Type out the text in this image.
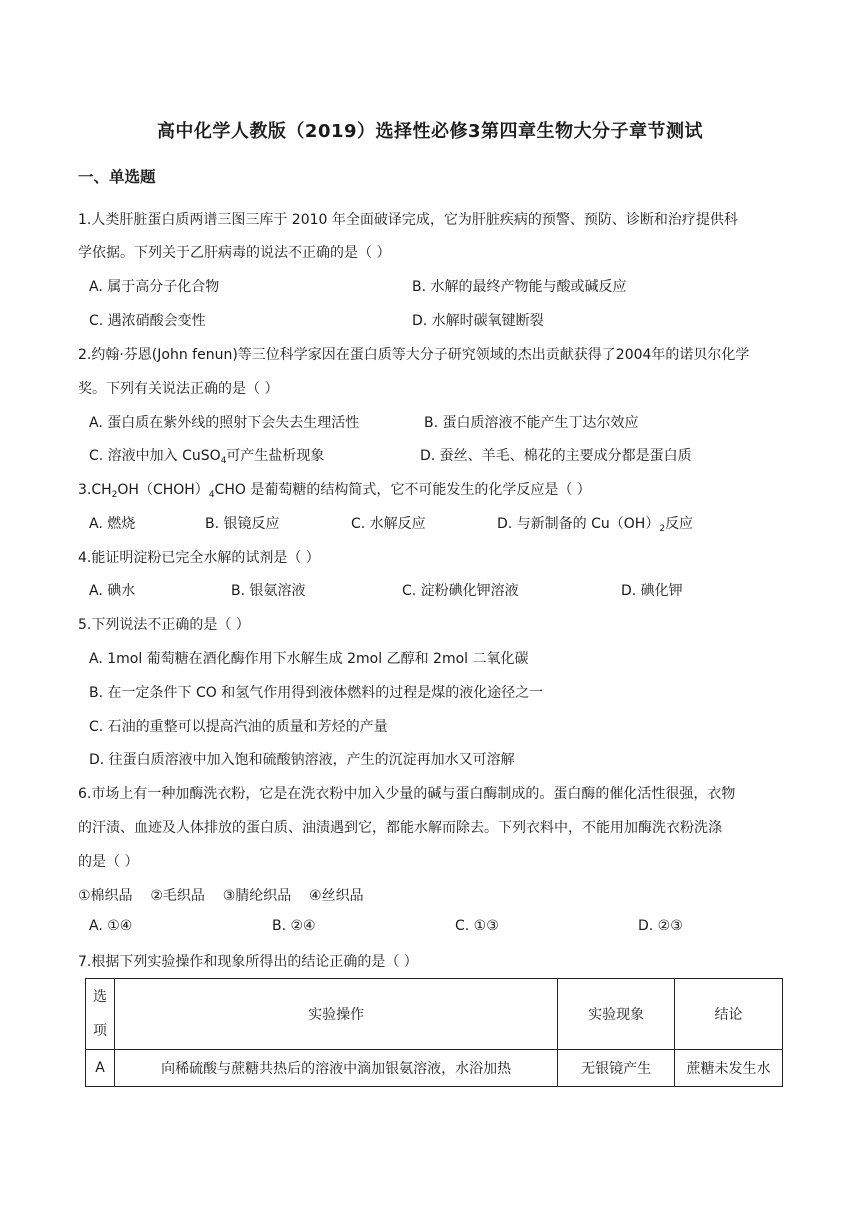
高中化学人教版（2019）选择性必修3第四章生物大分子章节测试
一、单选题
1.人类肝脏蛋白质两谱三图三库于 2010 年全面破译完成，它为肝脏疾病的预警、预防、诊断和治疗提供科
学依据。下列关于乙肝病毒的说法不正确的是（ ）
A. 属于高分子化合物	B. 水解的最终产物能与酸或碱反应
C. 遇浓硝酸会变性	D. 水解时碳氧键断裂
2.约翰·芬恩(John fenun)等三位科学家因在蛋白质等大分子研究领域的杰出贡献获得了2004年的诺贝尔化学
奖。下列有关说法正确的是（ ）
A. 蛋白质在紫外线的照射下会失去生理活性	B. 蛋白质溶液不能产生丁达尔效应
C. 溶液中加入 CuSO$_4$可产生盐析现象	D. 蚕丝、羊毛、棉花的主要成分都是蛋白质
$3.CH_2OH(CHOH)_4CHO$ 是葡萄糖的结构简式，它不可能发生的化学反应是（ ）
A. 燃烧	B. 银镜反应	C. 水解反应	D. 与新制备的 $Cu(OH)_2$反应
4.能证明淀粉已完全水解的试剂是（ ）
A. 碘水	B. 银氨溶液	C. 淀粉碘化钾溶液	D. 碘化钾
5.下列说法不正确的是（ ）
A. 1mol 葡萄糖在酒化酶作用下水解生成 2mol 乙醇和 2mol 二氧化碳
B. 在一定条件下 CO 和氢气作用得到液体燃料的过程是煤的液化途径之一
C. 石油的重整可以提高汽油的质量和芳烃的产量
D. 往蛋白质溶液中加入饱和硫酸钠溶液，产生的沉淀再加水又可溶解
6.市场上有一种加酶洗衣粉，它是在洗衣粉中加入少量的碱与蛋白酶制成的。蛋白酶的催化活性很强，衣物
的汗渍、血迹及人体排放的蛋白质、油渍遇到它，都能水解而除去。下列衣料中，不能用加酶洗衣粉洗涤
的是（ ）
①棉织品    ②毛织品    ③腈纶织品    ④丝织品
A. ①④	B. ②④	C. ①③	D. ②③
7.根据下列实验操作和现象所得出的结论正确的是（ ）
选
项	实验操作	实验现象	结论
A	向稀硫酸与蔗糖共热后的溶液中滴加银氨溶液，水浴加热	无银镜产生	蔗糖未发生水
